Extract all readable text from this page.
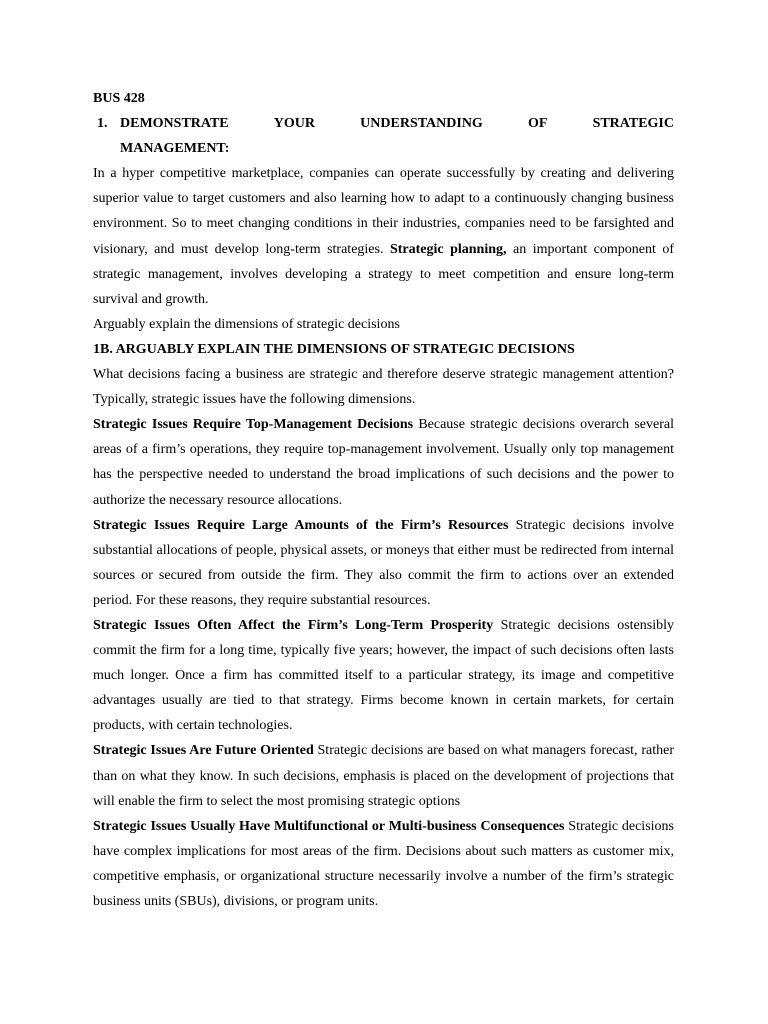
BUS 428

1. DEMONSTRATE	YOUR	UNDERSTANDING	OF	STRATEGIC

MANAGEMENT:

In a hyper competitive marketplace, companies can operate successfully by creating and delivering superior value to target customers and also learning how to adapt to a continuously changing business environment. So to meet changing conditions in their industries, companies need to be farsighted and visionary, and must develop long-term strategies. Strategic planning, an important component of strategic management, involves developing a strategy to meet competition and ensure long-term survival and growth.

Arguably explain the dimensions of strategic decisions

1B. ARGUABLY EXPLAIN THE DIMENSIONS OF STRATEGIC DECISIONS

What decisions facing a business are strategic and therefore deserve strategic management attention? Typically, strategic issues have the following dimensions.

Strategic Issues Require Top-Management Decisions Because strategic decisions overarch several areas of a firm’s operations, they require top-management involvement. Usually only top management has the perspective needed to understand the broad implications of such decisions and the power to authorize the necessary resource allocations.

Strategic Issues Require Large Amounts of the Firm’s Resources Strategic decisions involve substantial allocations of people, physical assets, or moneys that either must be redirected from internal sources or secured from outside the firm. They also commit the firm to actions over an extended period. For these reasons, they require substantial resources.

Strategic Issues Often Affect the Firm’s Long-Term Prosperity Strategic decisions ostensibly commit the firm for a long time, typically five years; however, the impact of such decisions often lasts much longer. Once a firm has committed itself to a particular strategy, its image and competitive advantages usually are tied to that strategy. Firms become known in certain markets, for certain products, with certain technologies.

Strategic Issues Are Future Oriented Strategic decisions are based on what managers forecast, rather than on what they know. In such decisions, emphasis is placed on the development of projections that will enable the firm to select the most promising strategic options

Strategic Issues Usually Have Multifunctional or Multi-business Consequences Strategic decisions have complex implications for most areas of the firm. Decisions about such matters as customer mix, competitive emphasis, or organizational structure necessarily involve a number of the firm’s strategic business units (SBUs), divisions, or program units.
